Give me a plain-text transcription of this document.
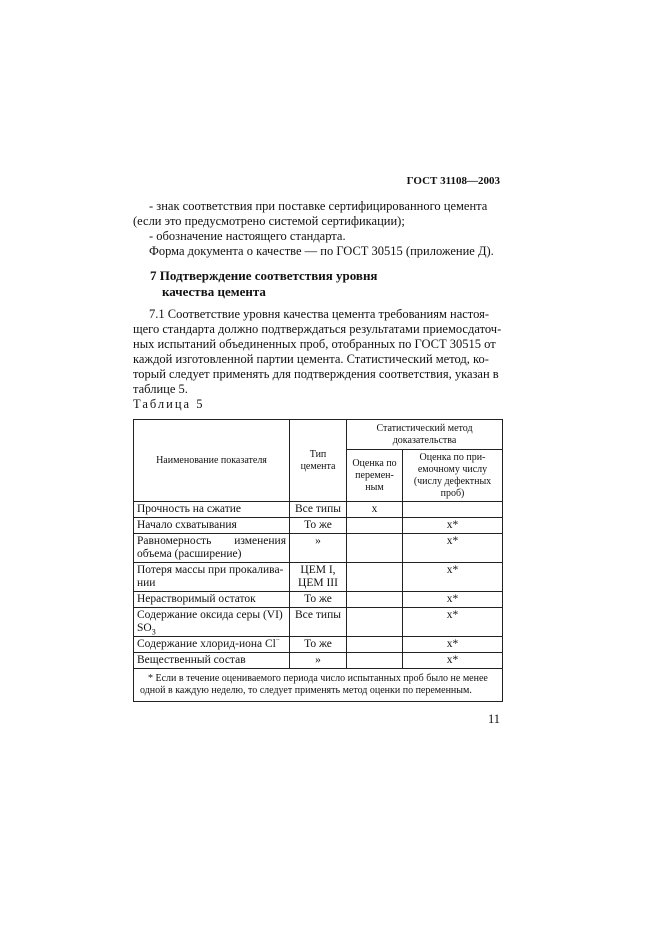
ГОСТ 31108—2003
- знак соответствия при поставке сертифицированного цемента
(если это предусмотрено системой сертификации);
- обозначение настоящего стандарта.
Форма документа о качестве — по ГОСТ 30515 (приложение Д).
7 Подтверждение соответствия уровня
качества цемента
7.1 Соответствие уровня качества цемента требованиям настоя-
щего стандарта должно подтверждаться результатами приемосдаточ-
ных испытаний объединенных проб, отобранных по ГОСТ 30515 от
каждой изготовленной партии цемента. Статистический метод, ко-
торый следует применять для подтверждения соответствия, указан в
таблице 5.
Таблица 5
Наименование показателя	Тип цемента	Статистический метод доказательства	
		Оценка по перемен-ным	Оценка по при-емочному числу (числу дефектных проб)
Прочность на сжатие	Все типы	х	
Начало схватывания	То же		х*
Равномерность изменения объема (расширение)	»		х*
Потеря массы при прокалива-нии	ЦЕМ I, ЦЕМ III		х*
Нерастворимый остаток	То же		х*
Содержание оксида серы (VI)
$SO_3$	Все типы		х*
Содержание хлорид-иона Cl−	То же		х*
Вещественный состав	»		х*
* Если в течение оцениваемого периода число испытанных проб было не менее одной в каждую неделю, то следует применять метод оценки по переменным.			
11
